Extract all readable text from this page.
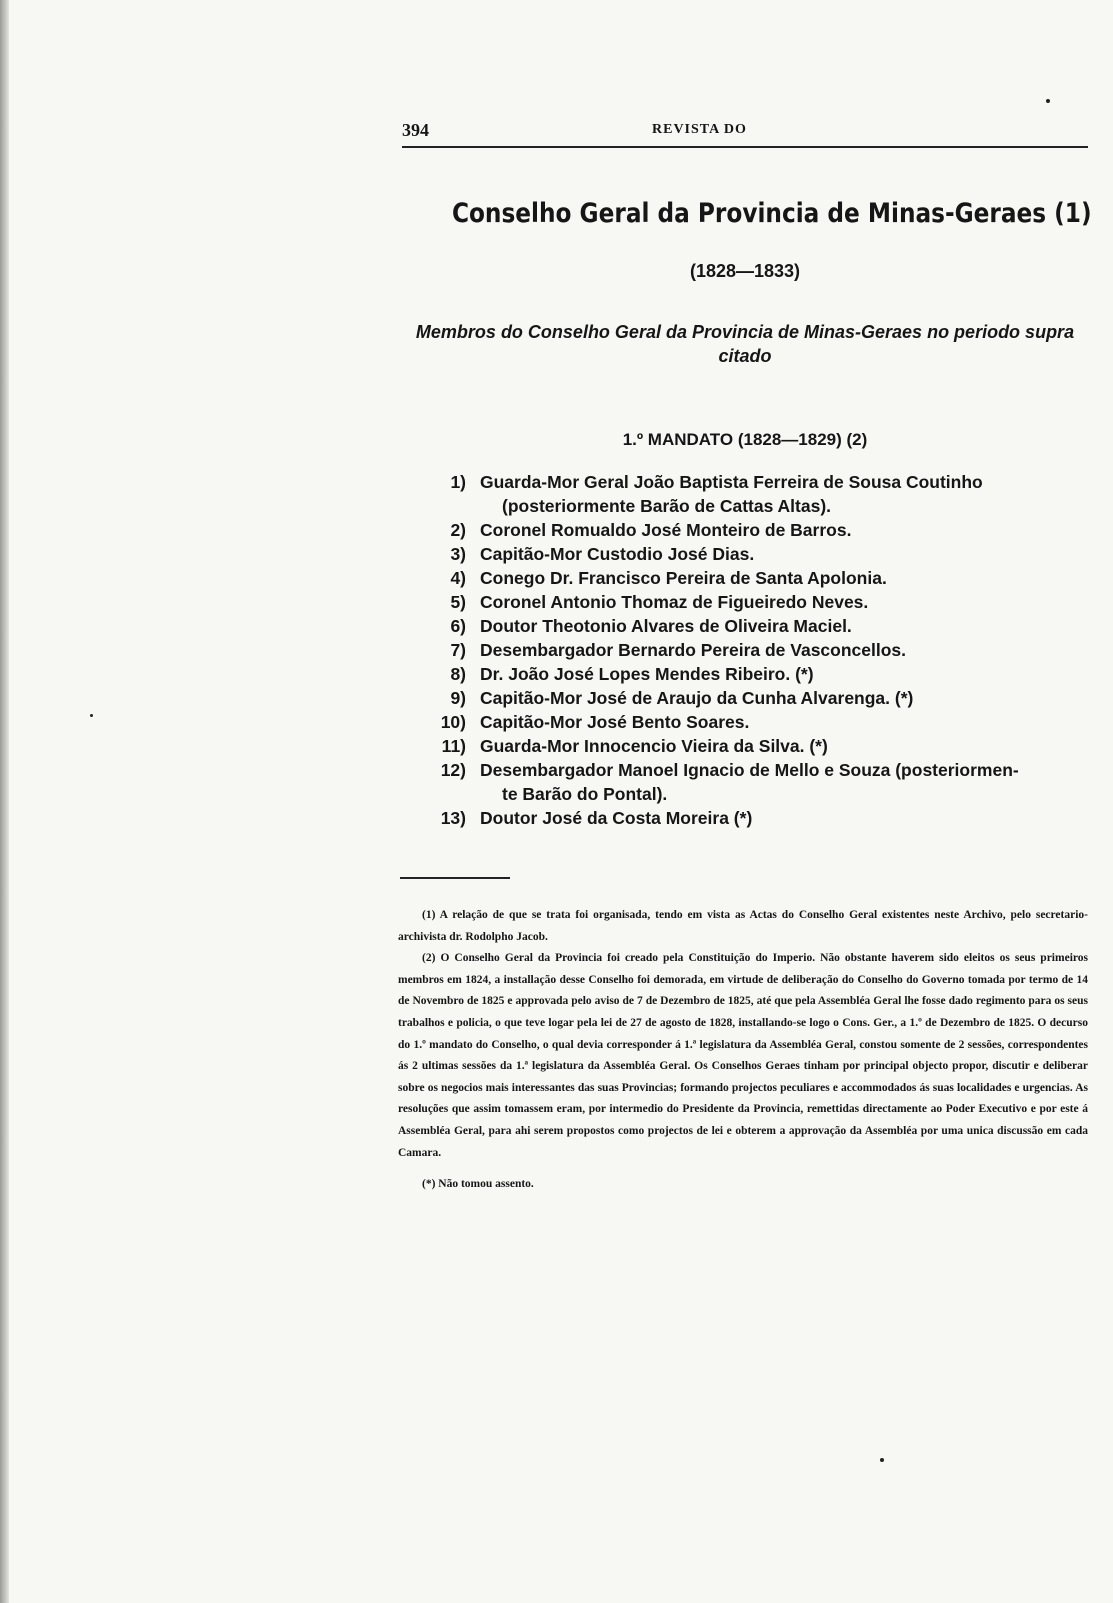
394	REVISTA DO
Conselho Geral da Provincia de Minas-Geraes (1)
(1828—1833)
Membros do Conselho Geral da Provincia de Minas-Geraes no periodo supra citado
1.º MANDATO (1828—1829) (2)
1) Guarda-Mor Geral João Baptista Ferreira de Sousa Coutinho
(posteriormente Barão de Cattas Altas).
2) Coronel Romualdo José Monteiro de Barros.
3) Capitão-Mor Custodio José Dias.
4) Conego Dr. Francisco Pereira de Santa Apolonia.
5) Coronel Antonio Thomaz de Figueiredo Neves.
6) Doutor Theotonio Alvares de Oliveira Maciel.
7) Desembargador Bernardo Pereira de Vasconcellos.
8) Dr. João José Lopes Mendes Ribeiro. (*)
9) Capitão-Mor José de Araujo da Cunha Alvarenga. (*)
10) Capitão-Mor José Bento Soares.
11) Guarda-Mor Innocencio Vieira da Silva. (*)
12) Desembargador Manoel Ignacio de Mello e Souza (posteriormen-
te Barão do Pontal).
13) Doutor José da Costa Moreira (*)

(1) A relação de que se trata foi organisada, tendo em vista as Actas do Conselho Geral existentes neste Archivo, pelo secretario-archivista dr. Rodolpho Jacob.

(2) O Conselho Geral da Provincia foi creado pela Constituição do Imperio. Não obstante haverem sido eleitos os seus primeiros membros em 1824, a installação desse Conselho foi demorada, em virtude de deliberação do Conselho do Governo tomada por termo de 14 de Novembro de 1825 e approvada pelo aviso de 7 de Dezembro de 1825, até que pela Assembléa Geral lhe fosse dado regimento para os seus trabalhos e policia, o que teve logar pela lei de 27 de agosto de 1828, installando-se logo o Cons. Ger., a 1.º de Dezembro de 1825. O decurso do 1.º mandato do Conselho, o qual devia corresponder á 1.ª legislatura da Assembléa Geral, constou somente de 2 sessões, correspondentes ás 2 ultimas sessões da 1.ª legislatura da Assembléa Geral. Os Conselhos Geraes tinham por principal objecto propor, discutir e deliberar sobre os negocios mais interessantes das suas Provincias; formando projectos peculiares e accommodados ás suas localidades e urgencias. As resoluções que assim tomassem eram, por intermedio do Presidente da Provincia, remettidas directamente ao Poder Executivo e por este á Assembléa Geral, para ahi serem propostos como projectos de lei e obterem a approvação da Assembléa por uma unica discussão em cada Camara.

(*) Não tomou assento.
